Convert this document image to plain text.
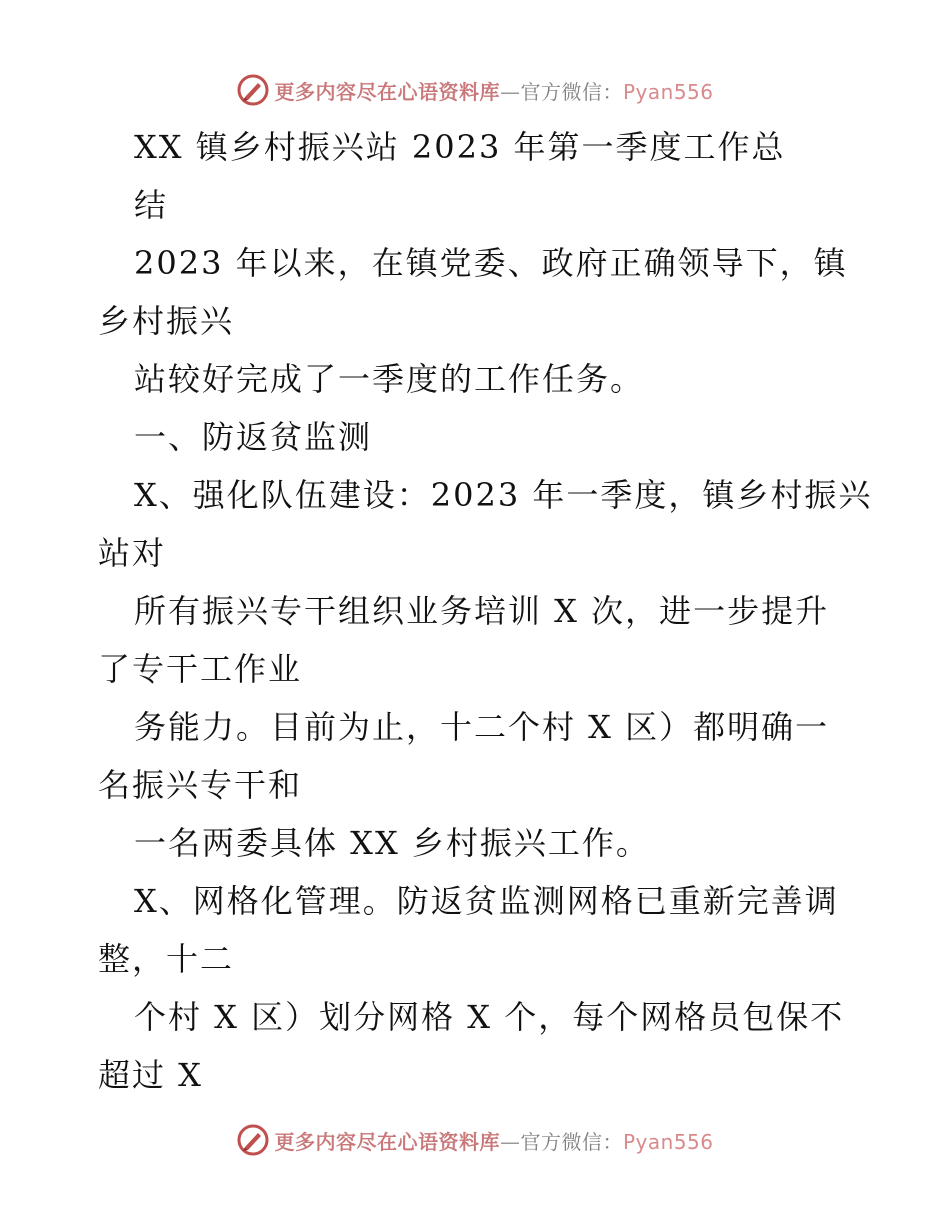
更多内容尽在心语资料库—官方微信：Pyan556
XX 镇乡村振兴站 2023 年第一季度工作总
结
2023 年以来，在镇党委、政府正确领导下，镇
乡村振兴
站较好完成了一季度的工作任务。
一、防返贫监测
X、强化队伍建设：2023 年一季度，镇乡村振兴
站对
所有振兴专干组织业务培训 X 次，进一步提升
了专干工作业
务能力。目前为止，十二个村 X 区）都明确一
名振兴专干和
一名两委具体 XX 乡村振兴工作。
X、网格化管理。防返贫监测网格已重新完善调
整，十二
个村 X 区）划分网格 X 个，每个网格员包保不
超过 X
更多内容尽在心语资料库—官方微信：Pyan556
